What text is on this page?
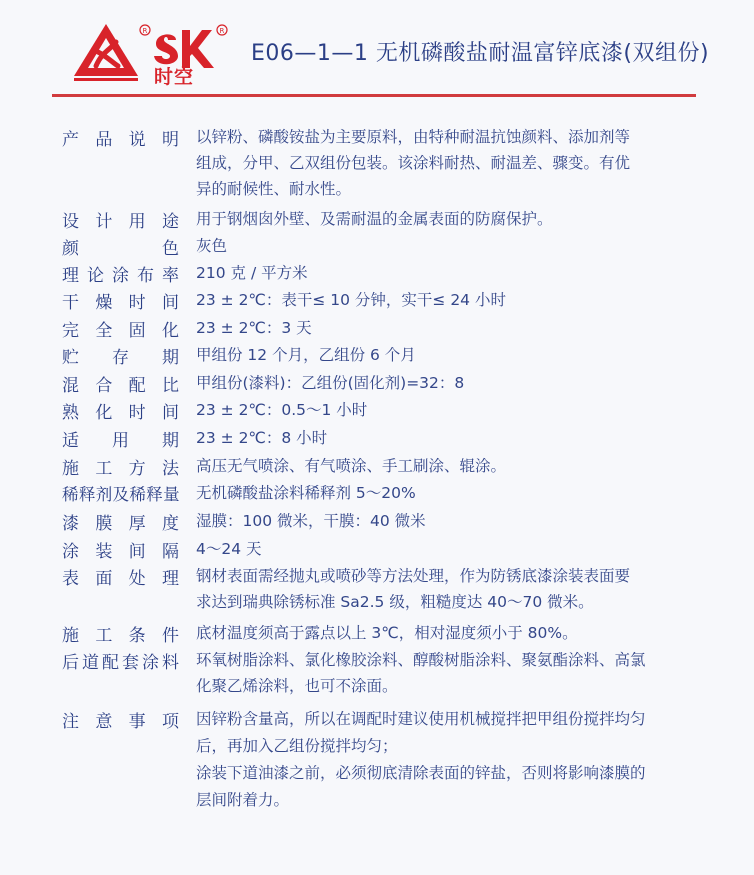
R	R
时空
E06—1—1 无机磷酸盐耐温富锌底漆(双组份)
产品说明 以锌粉、磷酸铵盐为主要原料，由特种耐温抗蚀颜料、添加剂等
组成，分甲、乙双组份包装。该涂料耐热、耐温差、骤变。有优
异的耐候性、耐水性。
设计用途 用于钢烟囱外壁、及需耐温的金属表面的防腐保护。
颜色 灰色
理论涂布率 210 克 / 平方米
干燥时间 23 ± 2℃：表干≤ 10 分钟，实干≤ 24 小时
完全固化 23 ± 2℃：3 天
贮存期 甲组份 12 个月，乙组份 6 个月
混合配比 甲组份(漆料)：乙组份(固化剂)=32：8
熟化时间 23 ± 2℃：0.5～1 小时
适用期 23 ± 2℃：8 小时
施工方法 高压无气喷涂、有气喷涂、手工刷涂、辊涂。
稀释剂及稀释量 无机磷酸盐涂料稀释剂 5～20%
漆膜厚度 湿膜：100 微米，干膜：40 微米
涂装间隔 4～24 天
表面处理 钢材表面需经抛丸或喷砂等方法处理，作为防锈底漆涂装表面要
求达到瑞典除锈标准 Sa2.5 级，粗糙度达 40～70 微米。
施工条件 底材温度须高于露点以上 3℃，相对湿度须小于 80%。
后道配套涂料 环氧树脂涂料、氯化橡胶涂料、醇酸树脂涂料、聚氨酯涂料、高氯
化聚乙烯涂料，也可不涂面。
注意事项 因锌粉含量高，所以在调配时建议使用机械搅拌把甲组份搅拌均匀
后，再加入乙组份搅拌均匀；
涂装下道油漆之前，必须彻底清除表面的锌盐，否则将影响漆膜的
层间附着力。
